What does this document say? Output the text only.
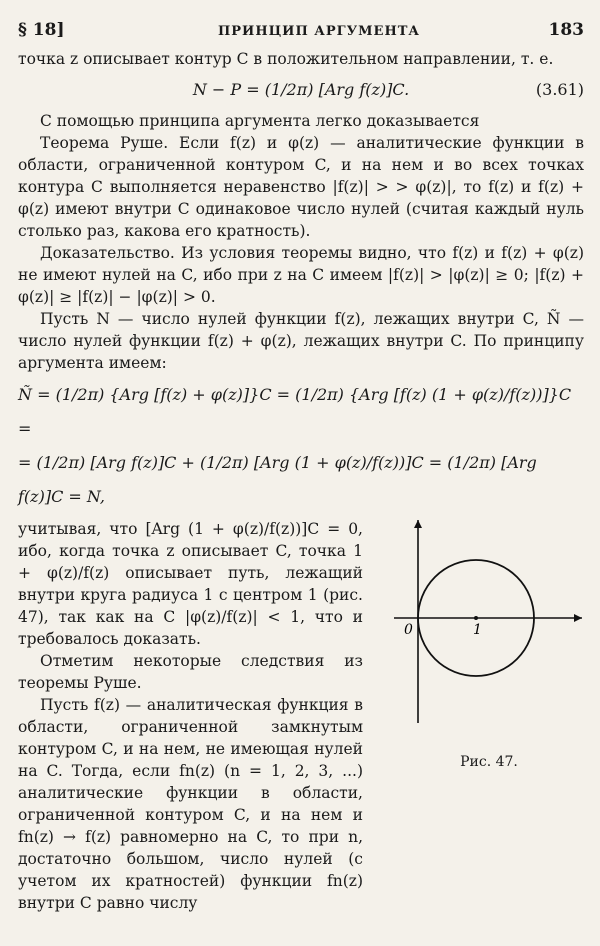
§ 18]	ПРИНЦИП АРГУМЕНТА	183

точка z описывает контур C в положительном направлении, т. е.

N − P = (1/2π) [Arg f(z)]C.	(3.61)

С помощью принципа аргумента легко доказывается

Теорема Руше. Если f(z) и φ(z) — аналитические функции в области, ограниченной контуром C, и на нем и во всех точках контура C выполняется неравенство |f(z)| > > φ(z)|, то f(z) и f(z) + φ(z) имеют внутри C одинаковое число нулей (считая каждый нуль столько раз, какова его кратность).

Доказательство. Из условия теоремы видно, что f(z) и f(z) + φ(z) не имеют нулей на C, ибо при z на C имеем |f(z)| > |φ(z)| ≥ 0; |f(z) + φ(z)| ≥ |f(z)| − |φ(z)| > 0.

Пусть N — число нулей функции f(z), лежащих внутри C, Ñ — число нулей функции f(z) + φ(z), лежащих внутри C. По принципу аргумента имеем:

Ñ = (1/2π) {Arg [f(z) + φ(z)]}C = (1/2π) {Arg [f(z) (1 + φ(z)/f(z))]}C =
= (1/2π) [Arg f(z)]C + (1/2π) [Arg (1 + φ(z)/f(z))]C = (1/2π) [Arg f(z)]C = N,
0	1
Рис. 47.

учитывая, что [Arg (1 + φ(z)/f(z))]C = 0, ибо, когда точка z описывает C, точка 1 + φ(z)/f(z) описывает путь, лежащий внутри круга радиуса 1 с центром 1 (рис. 47), так как на C |φ(z)/f(z)| < 1, что и требовалось доказать.

Отметим некоторые следствия из теоремы Руше.

Пусть f(z) — аналитическая функция в области, ограниченной замкнутым контуром C, и на нем, не имеющая нулей на C. Тогда, если fn(z) (n = 1, 2, 3, ...) аналитические функции в области, ограниченной контуром C, и на нем и fn(z) → f(z) равномерно на C, то при n, достаточно большом, число нулей (с учетом их кратностей) функции fn(z) внутри C равно числу
